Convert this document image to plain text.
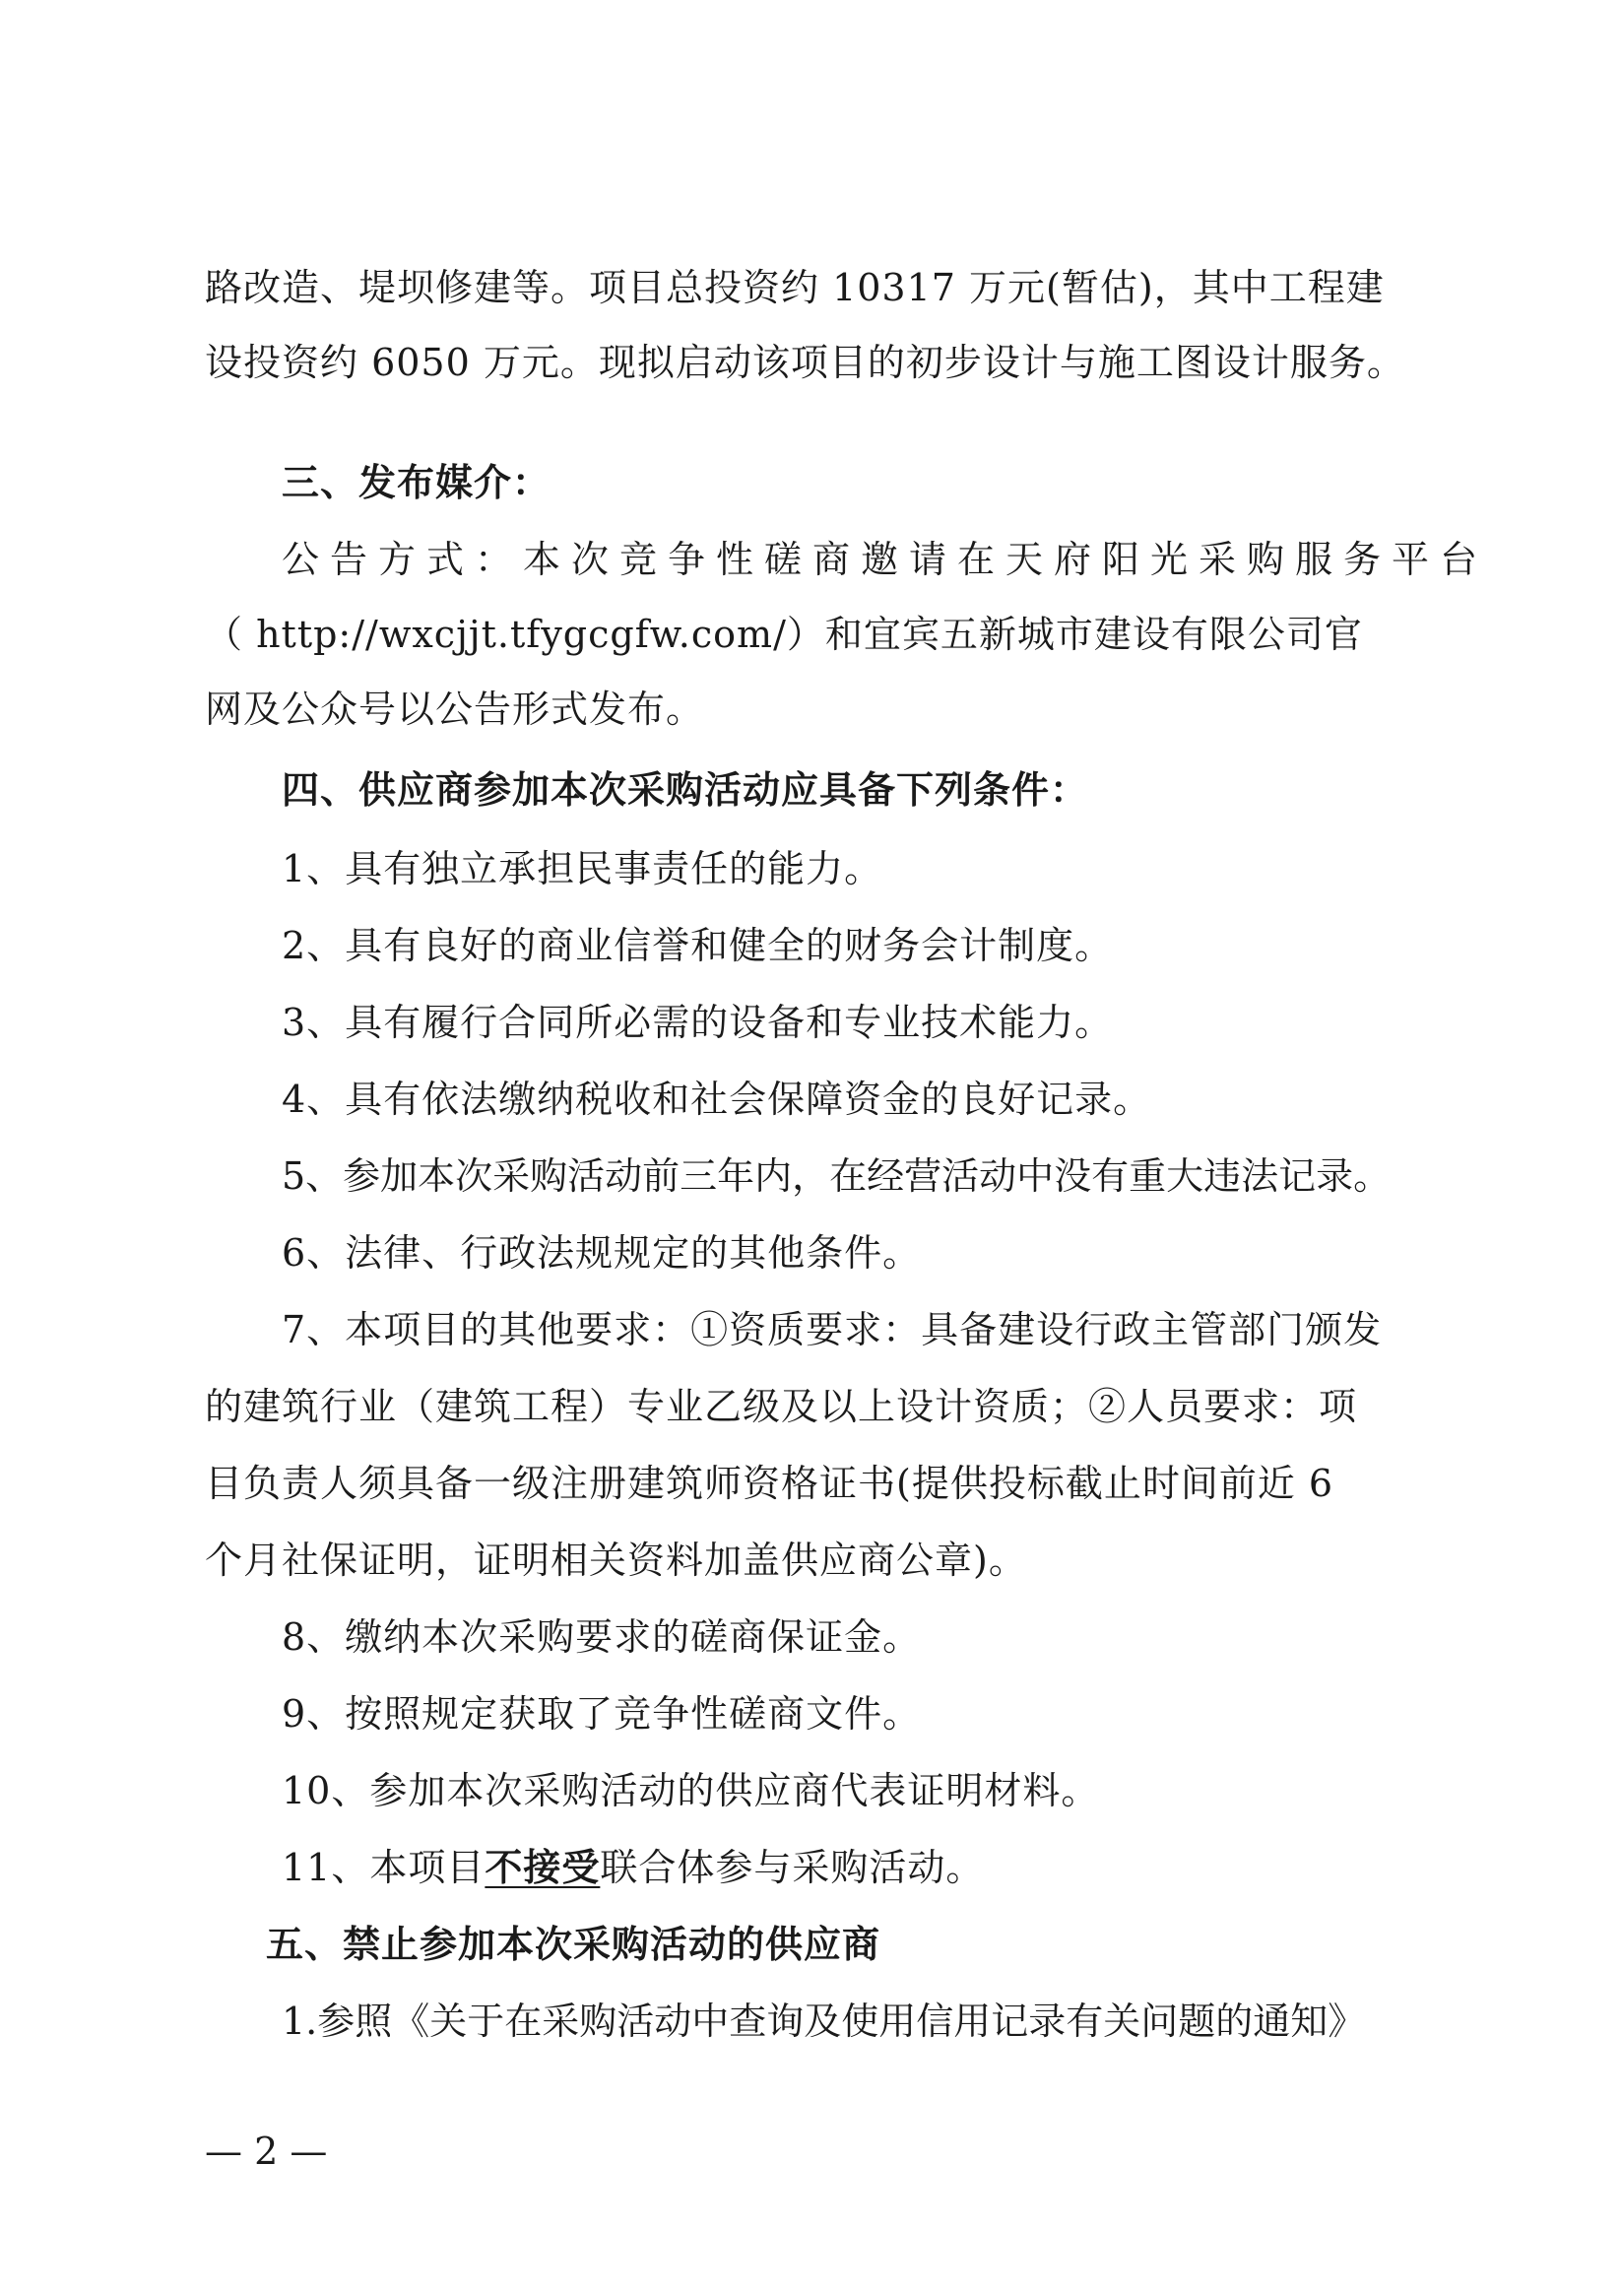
路改造、堤坝修建等。项目总投资约 10317 万元(暂估)，其中工程建
设投资约 6050 万元。现拟启动该项目的初步设计与施工图设计服务。
三、发布媒介：
公告方式：本次竞争性磋商邀请在天府阳光采购服务平台
（ http://wxcjjt.tfygcgfw.com/）和宜宾五新城市建设有限公司官
网及公众号以公告形式发布。
四、供应商参加本次采购活动应具备下列条件：
1、具有独立承担民事责任的能力。
2、具有良好的商业信誉和健全的财务会计制度。
3、具有履行合同所必需的设备和专业技术能力。
4、具有依法缴纳税收和社会保障资金的良好记录。
5、参加本次采购活动前三年内，在经营活动中没有重大违法记录。
6、法律、行政法规规定的其他条件。
7、本项目的其他要求：①资质要求：具备建设行政主管部门颁发
的建筑行业（建筑工程）专业乙级及以上设计资质；②人员要求：项
目负责人须具备一级注册建筑师资格证书(提供投标截止时间前近 6
个月社保证明，证明相关资料加盖供应商公章)。
8、缴纳本次采购要求的磋商保证金。
9、按照规定获取了竞争性磋商文件。
10、参加本次采购活动的供应商代表证明材料。
11、本项目不接受联合体参与采购活动。
五、禁止参加本次采购活动的供应商
1.参照《关于在采购活动中查询及使用信用记录有关问题的通知》
— 2 —
